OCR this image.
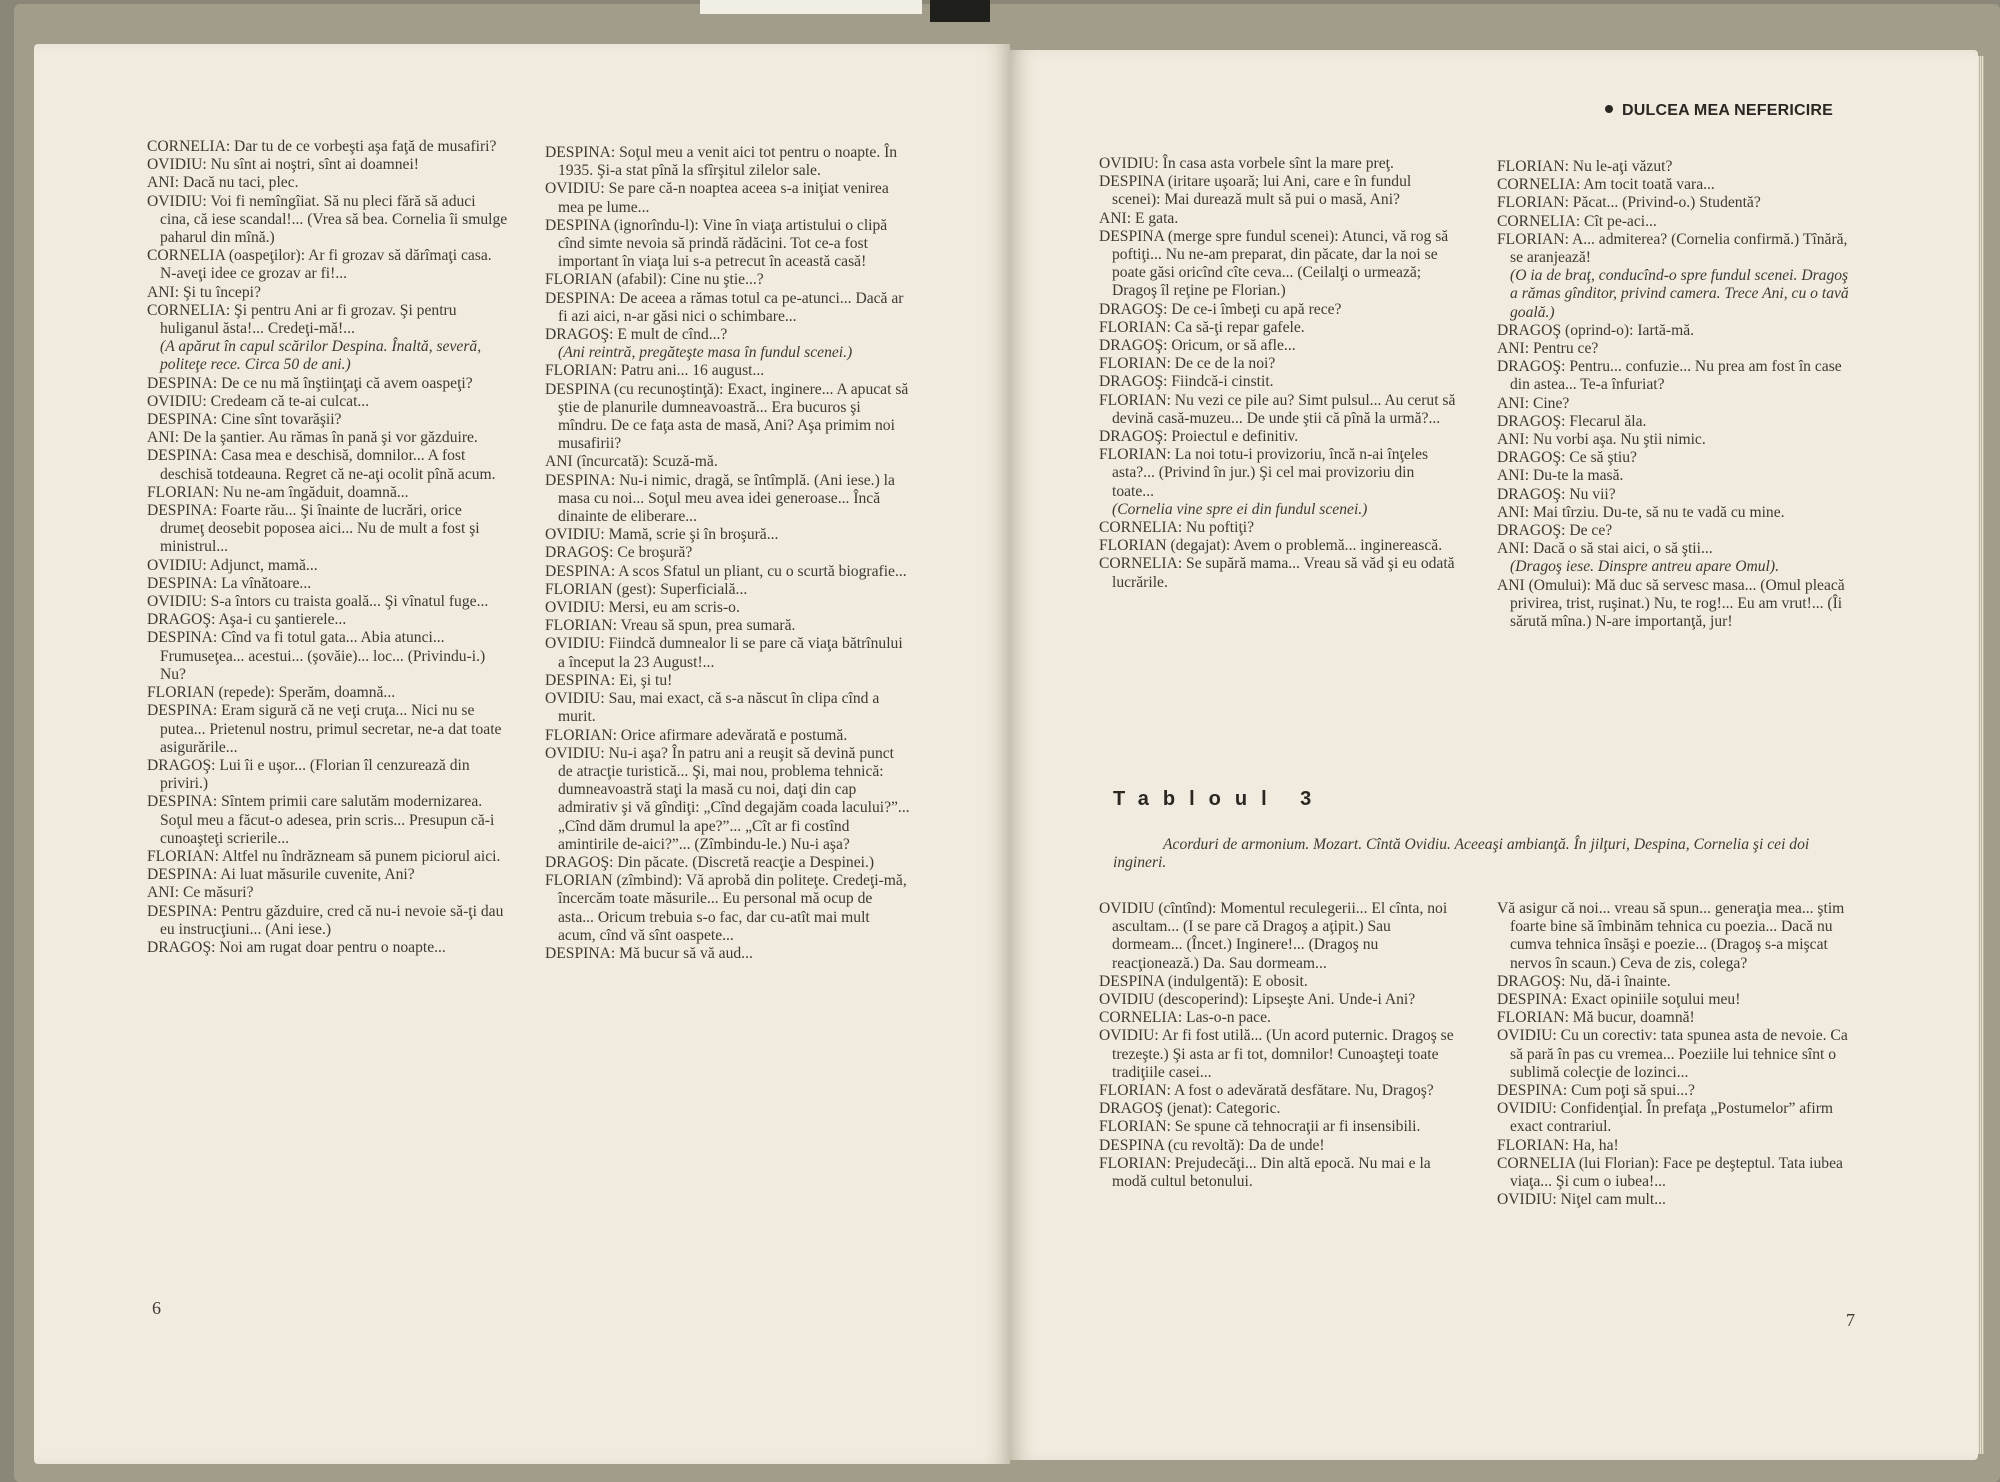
DULCEA MEA NEFERICIRE

CORNELIA: Dar tu de ce vorbeşti aşa faţă de musafiri?

OVIDIU: Nu sînt ai noştri, sînt ai doamnei!

ANI: Dacă nu taci, plec.

OVIDIU: Voi fi nemîngîiat. Să nu pleci fără să aduci cina, că iese scandal!... (Vrea să bea. Cornelia îi smulge paharul din mînă.)

CORNELIA (oaspeţilor): Ar fi grozav să dărîmaţi casa. N-aveţi idee ce grozav ar fi!...

ANI: Şi tu începi?

CORNELIA: Şi pentru Ani ar fi grozav. Şi pentru huliganul ăsta!... Credeţi-mă!...

(A apărut în capul scărilor Despina. Înaltă, severă, politeţe rece. Circa 50 de ani.)

DESPINA: De ce nu mă înştiinţaţi că avem oaspeţi?

OVIDIU: Credeam că te-ai culcat...

DESPINA: Cine sînt tovarăşii?

ANI: De la şantier. Au rămas în pană şi vor găzduire.

DESPINA: Casa mea e deschisă, domnilor... A fost deschisă totdeauna. Regret că ne-aţi ocolit pînă acum.

FLORIAN: Nu ne-am îngăduit, doamnă...

DESPINA: Foarte rău... Şi înainte de lucrări, orice drumeţ deosebit poposea aici... Nu de mult a fost şi ministrul...

OVIDIU: Adjunct, mamă...

DESPINA: La vînătoare...

OVIDIU: S-a întors cu traista goală... Şi vînatul fuge...

DRAGOŞ: Aşa-i cu şantierele...

DESPINA: Cînd va fi totul gata... Abia atunci... Frumuseţea... acestui... (şovăie)... loc... (Privindu-i.) Nu?

FLORIAN (repede): Sperăm, doamnă...

DESPINA: Eram sigură că ne veţi cruţa... Nici nu se putea... Prietenul nostru, primul secretar, ne-a dat toate asigurările...

DRAGOŞ: Lui îi e uşor... (Florian îl cenzurează din priviri.)

DESPINA: Sîntem primii care salutăm modernizarea. Soţul meu a făcut-o adesea, prin scris... Presupun că-i cunoaşteţi scrierile...

FLORIAN: Altfel nu îndrăzneam să punem piciorul aici.

DESPINA: Ai luat măsurile cuvenite, Ani?

ANI: Ce măsuri?

DESPINA: Pentru găzduire, cred că nu-i nevoie să-ţi dau eu instrucţiuni... (Ani iese.)

DRAGOŞ: Noi am rugat doar pentru o noapte...

DESPINA: Soţul meu a venit aici tot pentru o noapte. În 1935. Şi-a stat pînă la sfîrşitul zilelor sale.

OVIDIU: Se pare că-n noaptea aceea s-a iniţiat venirea mea pe lume...

DESPINA (ignorîndu-l): Vine în viaţa artistului o clipă cînd simte nevoia să prindă rădăcini. Tot ce-a fost important în viaţa lui s-a petrecut în această casă!

FLORIAN (afabil): Cine nu ştie...?

DESPINA: De aceea a rămas totul ca pe-atunci... Dacă ar fi azi aici, n-ar găsi nici o schimbare...

DRAGOŞ: E mult de cînd...?

(Ani reintră, pregăteşte masa în fundul scenei.)

FLORIAN: Patru ani... 16 august...

DESPINA (cu recunoştinţă): Exact, inginere... A apucat să ştie de planurile dumneavoastră... Era bucuros şi mîndru. De ce faţa asta de masă, Ani? Aşa primim noi musafirii?

ANI (încurcată): Scuză-mă.

DESPINA: Nu-i nimic, dragă, se întîmplă. (Ani iese.) la masa cu noi... Soţul meu avea idei generoase... Încă dinainte de eliberare...

OVIDIU: Mamă, scrie şi în broşură...

DRAGOŞ: Ce broşură?

DESPINA: A scos Sfatul un pliant, cu o scurtă biografie...

FLORIAN (gest): Superficială...

OVIDIU: Mersi, eu am scris-o.

FLORIAN: Vreau să spun, prea sumară.

OVIDIU: Fiindcă dumnealor li se pare că viaţa bătrînului a început la 23 August!...

DESPINA: Ei, şi tu!

OVIDIU: Sau, mai exact, că s-a născut în clipa cînd a murit.

FLORIAN: Orice afirmare adevărată e postumă.

OVIDIU: Nu-i aşa? În patru ani a reuşit să devină punct de atracţie turistică... Şi, mai nou, problema tehnică: dumneavoastră staţi la masă cu noi, daţi din cap admirativ şi vă gîndiţi: „Cînd degajăm coada lacului?”... „Cînd dăm drumul la ape?”... „Cît ar fi costînd amintirile de-aici?”... (Zîmbindu-le.) Nu-i aşa?

DRAGOŞ: Din păcate. (Discretă reacţie a Despinei.)

FLORIAN (zîmbind): Vă aprobă din politeţe. Credeţi-mă, încercăm toate măsurile... Eu personal mă ocup de asta... Oricum trebuia s-o fac, dar cu-atît mai mult acum, cînd vă sînt oaspete...

DESPINA: Mă bucur să vă aud...

OVIDIU: În casa asta vorbele sînt la mare preţ.

DESPINA (iritare uşoară; lui Ani, care e în fundul scenei): Mai durează mult să pui o masă, Ani?

ANI: E gata.

DESPINA (merge spre fundul scenei): Atunci, vă rog să poftiţi... Nu ne-am preparat, din păcate, dar la noi se poate găsi oricînd cîte ceva... (Ceilalţi o urmează; Dragoş îl reţine pe Florian.)

DRAGOŞ: De ce-i îmbeţi cu apă rece?

FLORIAN: Ca să-ţi repar gafele.

DRAGOŞ: Oricum, or să afle...

FLORIAN: De ce de la noi?

DRAGOŞ: Fiindcă-i cinstit.

FLORIAN: Nu vezi ce pile au? Simt pulsul... Au cerut să devină casă-muzeu... De unde ştii că pînă la urmă?...

DRAGOŞ: Proiectul e definitiv.

FLORIAN: La noi totu-i provizoriu, încă n-ai înţeles asta?... (Privind în jur.) Şi cel mai provizoriu din toate...

(Cornelia vine spre ei din fundul scenei.)

CORNELIA: Nu poftiţi?

FLORIAN (degajat): Avem o problemă... inginerească.

CORNELIA: Se supără mama... Vreau să văd şi eu odată lucrările.

FLORIAN: Nu le-aţi văzut?

CORNELIA: Am tocit toată vara...

FLORIAN: Păcat... (Privind-o.) Studentă?

CORNELIA: Cît pe-aci...

FLORIAN: A... admiterea? (Cornelia confirmă.) Tînără, se aranjează!

(O ia de braţ, conducînd-o spre fundul scenei. Dragoş a rămas gînditor, privind camera. Trece Ani, cu o tavă goală.)

DRAGOŞ (oprind-o): Iartă-mă.

ANI: Pentru ce?

DRAGOŞ: Pentru... confuzie... Nu prea am fost în case din astea... Te-a înfuriat?

ANI: Cine?

DRAGOŞ: Flecarul ăla.

ANI: Nu vorbi aşa. Nu ştii nimic.

DRAGOŞ: Ce să ştiu?

ANI: Du-te la masă.

DRAGOŞ: Nu vii?

ANI: Mai tîrziu. Du-te, să nu te vadă cu mine.

DRAGOŞ: De ce?

ANI: Dacă o să stai aici, o să ştii...

(Dragoş iese. Dinspre antreu apare Omul).

ANI (Omului): Mă duc să servesc masa... (Omul pleacă privirea, trist, ruşinat.) Nu, te rog!... Eu am vrut!... (Îi sărută mîna.) N-are importanţă, jur!

Tabloul 3
Acorduri de armonium. Mozart. Cîntă Ovidiu. Aceeaşi ambianţă. În jilţuri, Despina, Cornelia şi cei doi ingineri.

OVIDIU (cîntînd): Momentul reculegerii... El cînta, noi ascultam... (I se pare că Dragoş a aţipit.) Sau dormeam... (Încet.) Inginere!... (Dragoş nu reacţionează.) Da. Sau dormeam...

DESPINA (indulgentă): E obosit.

OVIDIU (descoperind): Lipseşte Ani. Unde-i Ani?

CORNELIA: Las-o-n pace.

OVIDIU: Ar fi fost utilă... (Un acord puternic. Dragoş se trezeşte.) Şi asta ar fi tot, domnilor! Cunoaşteţi toate tradiţiile casei...

FLORIAN: A fost o adevărată desfătare. Nu, Dragoş?

DRAGOŞ (jenat): Categoric.

FLORIAN: Se spune că tehnocraţii ar fi insensibili.

DESPINA (cu revoltă): Da de unde!

FLORIAN: Prejudecăţi... Din altă epocă. Nu mai e la modă cultul betonului.

Vă asigur că noi... vreau să spun... generaţia mea... ştim foarte bine să îmbinăm tehnica cu poezia... Dacă nu cumva tehnica însăşi e poezie... (Dragoş s-a mişcat nervos în scaun.) Ceva de zis, colega?

DRAGOŞ: Nu, dă-i înainte.

DESPINA: Exact opiniile soţului meu!

FLORIAN: Mă bucur, doamnă!

OVIDIU: Cu un corectiv: tata spunea asta de nevoie. Ca să pară în pas cu vremea... Poeziile lui tehnice sînt o sublimă colecţie de lozinci...

DESPINA: Cum poţi să spui...?

OVIDIU: Confidenţial. În prefaţa „Postumelor” afirm exact contrariul.

FLORIAN: Ha, ha!

CORNELIA (lui Florian): Face pe deşteptul. Tata iubea viaţa... Şi cum o iubea!...

OVIDIU: Niţel cam mult...

6
7
